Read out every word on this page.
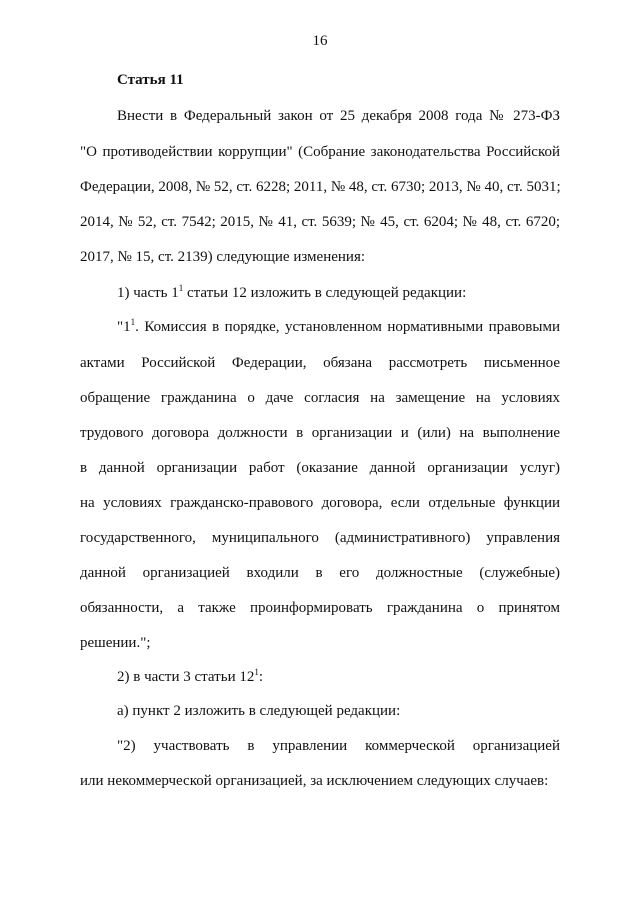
16
Статья 11
Внести в Федеральный закон от 25 декабря 2008 года № 273-ФЗ
"О противодействии коррупции" (Собрание законодательства Российской
Федерации, 2008, № 52, ст. 6228; 2011, № 48, ст. 6730; 2013, № 40, ст. 5031;
2014, № 52, ст. 7542; 2015, № 41, ст. 5639; № 45, ст. 6204; № 48, ст. 6720;
2017, № 15, ст. 2139) следующие изменения:
1) часть $1^1$ статьи 12 изложить в следующей редакции:
"$1^1$. Комиссия в порядке, установленном нормативными правовыми
актами Российской Федерации, обязана рассмотреть письменное
обращение гражданина о даче согласия на замещение на условиях
трудового договора должности в организации и (или) на выполнение
в данной организации работ (оказание данной организации услуг)
на условиях гражданско-правового договора, если отдельные функции
государственного, муниципального (административного) управления
данной организацией входили в его должностные (служебные)
обязанности, а также проинформировать гражданина о принятом
решении.";
2) в части 3 статьи $12^1$:
а) пункт 2 изложить в следующей редакции:
"2) участвовать в управлении коммерческой организацией
или некоммерческой организацией, за исключением следующих случаев:
